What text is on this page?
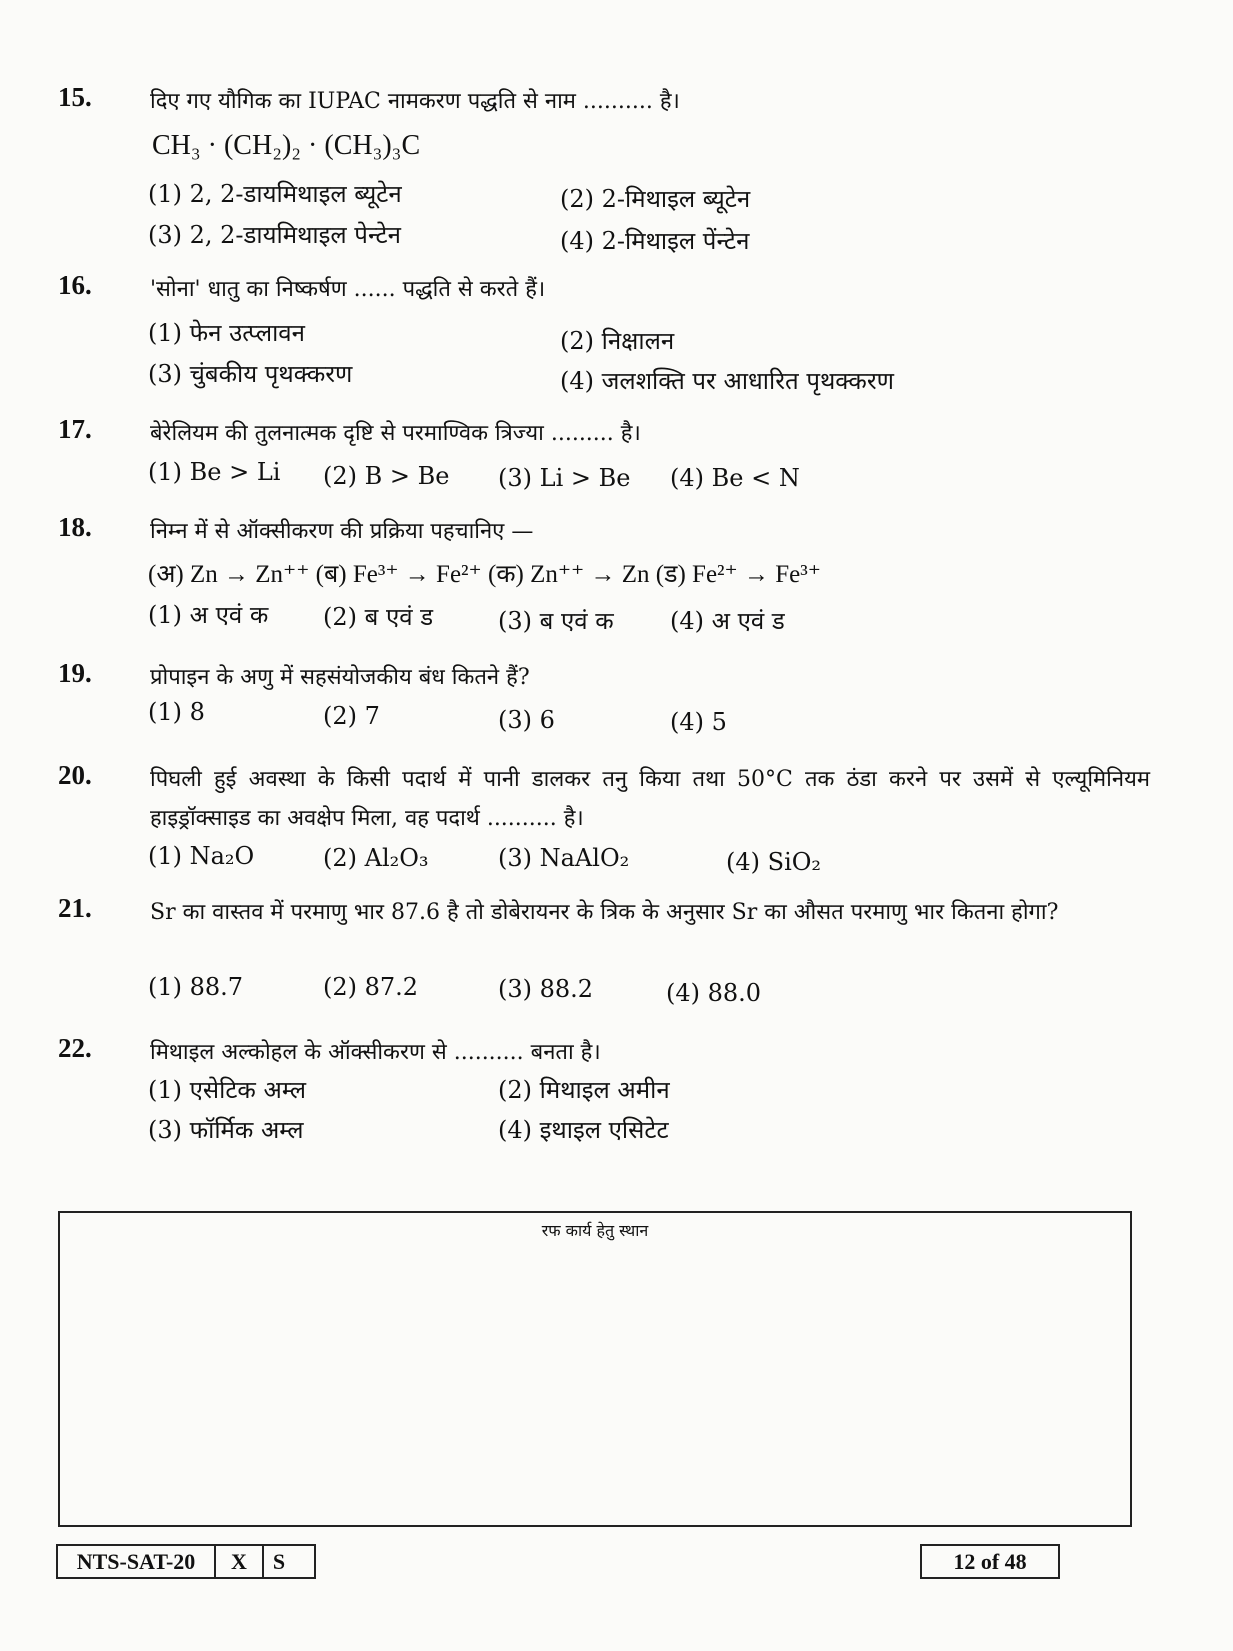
15.	दिए गए यौगिक का IUPAC नामकरण पद्धति से नाम .......... है।
CH₃ · (CH₂)₂ · (CH₃)₃C
(1) 2, 2-डायमिथाइल ब्यूटेन	(2) 2-मिथाइल ब्यूटेन
(3) 2, 2-डायमिथाइल पेन्टेन	(4) 2-मिथाइल पेंन्टेन
16.	'सोना' धातु का निष्कर्षण ...... पद्धति से करते हैं।
(1) फेन उत्प्लावन	(2) निक्षालन
(3) चुंबकीय पृथक्करण	(4) जलशक्ति पर आधारित पृथक्करण
17.	बेरेलियम की तुलनात्मक दृष्टि से परमाण्विक त्रिज्या ......... है।
(1) Be > Li (2) B > Be (3) Li > Be (4) Be < N
18.	निम्न में से ऑक्सीकरण की प्रक्रिया पहचानिए —
(अ) Zn → Zn⁺⁺ (ब) Fe³⁺ → Fe²⁺ (क) Zn⁺⁺ → Zn (ड) Fe²⁺ → Fe³⁺
(1) अ एवं क (2) ब एवं ड	(3) ब एवं क (4) अ एवं ड
19.	प्रोपाइन के अणु में सहसंयोजकीय बंध कितने हैं?
(1) 8	(2) 7	(3) 6	(4) 5
20.	पिघली हुई अवस्था के किसी पदार्थ में पानी डालकर तनु किया तथा 50°C तक ठंडा करने पर उसमें से एल्यूमिनियम हाइड्रॉक्साइड का अवक्षेप मिला, वह पदार्थ .......... है।
(1) Na₂O	(2) Al₂O₃	(3) NaAlO₂	(4) SiO₂
21.	Sr का वास्तव में परमाणु भार 87.6 है तो डोबेरायनर के त्रिक के अनुसार Sr का औसत परमाणु भार कितना होगा?
(1) 88.7	(2) 87.2	(3) 88.2	(4) 88.0
22.	मिथाइल अल्कोहल के ऑक्सीकरण से .......... बनता है।
(1) एसेटिक अम्ल	(2) मिथाइल अमीन
(3) फॉर्मिक अम्ल	(4) इथाइल एसिटेट
रफ कार्य हेतु स्थान
NTS-SAT-20	X	S	12 of 48
